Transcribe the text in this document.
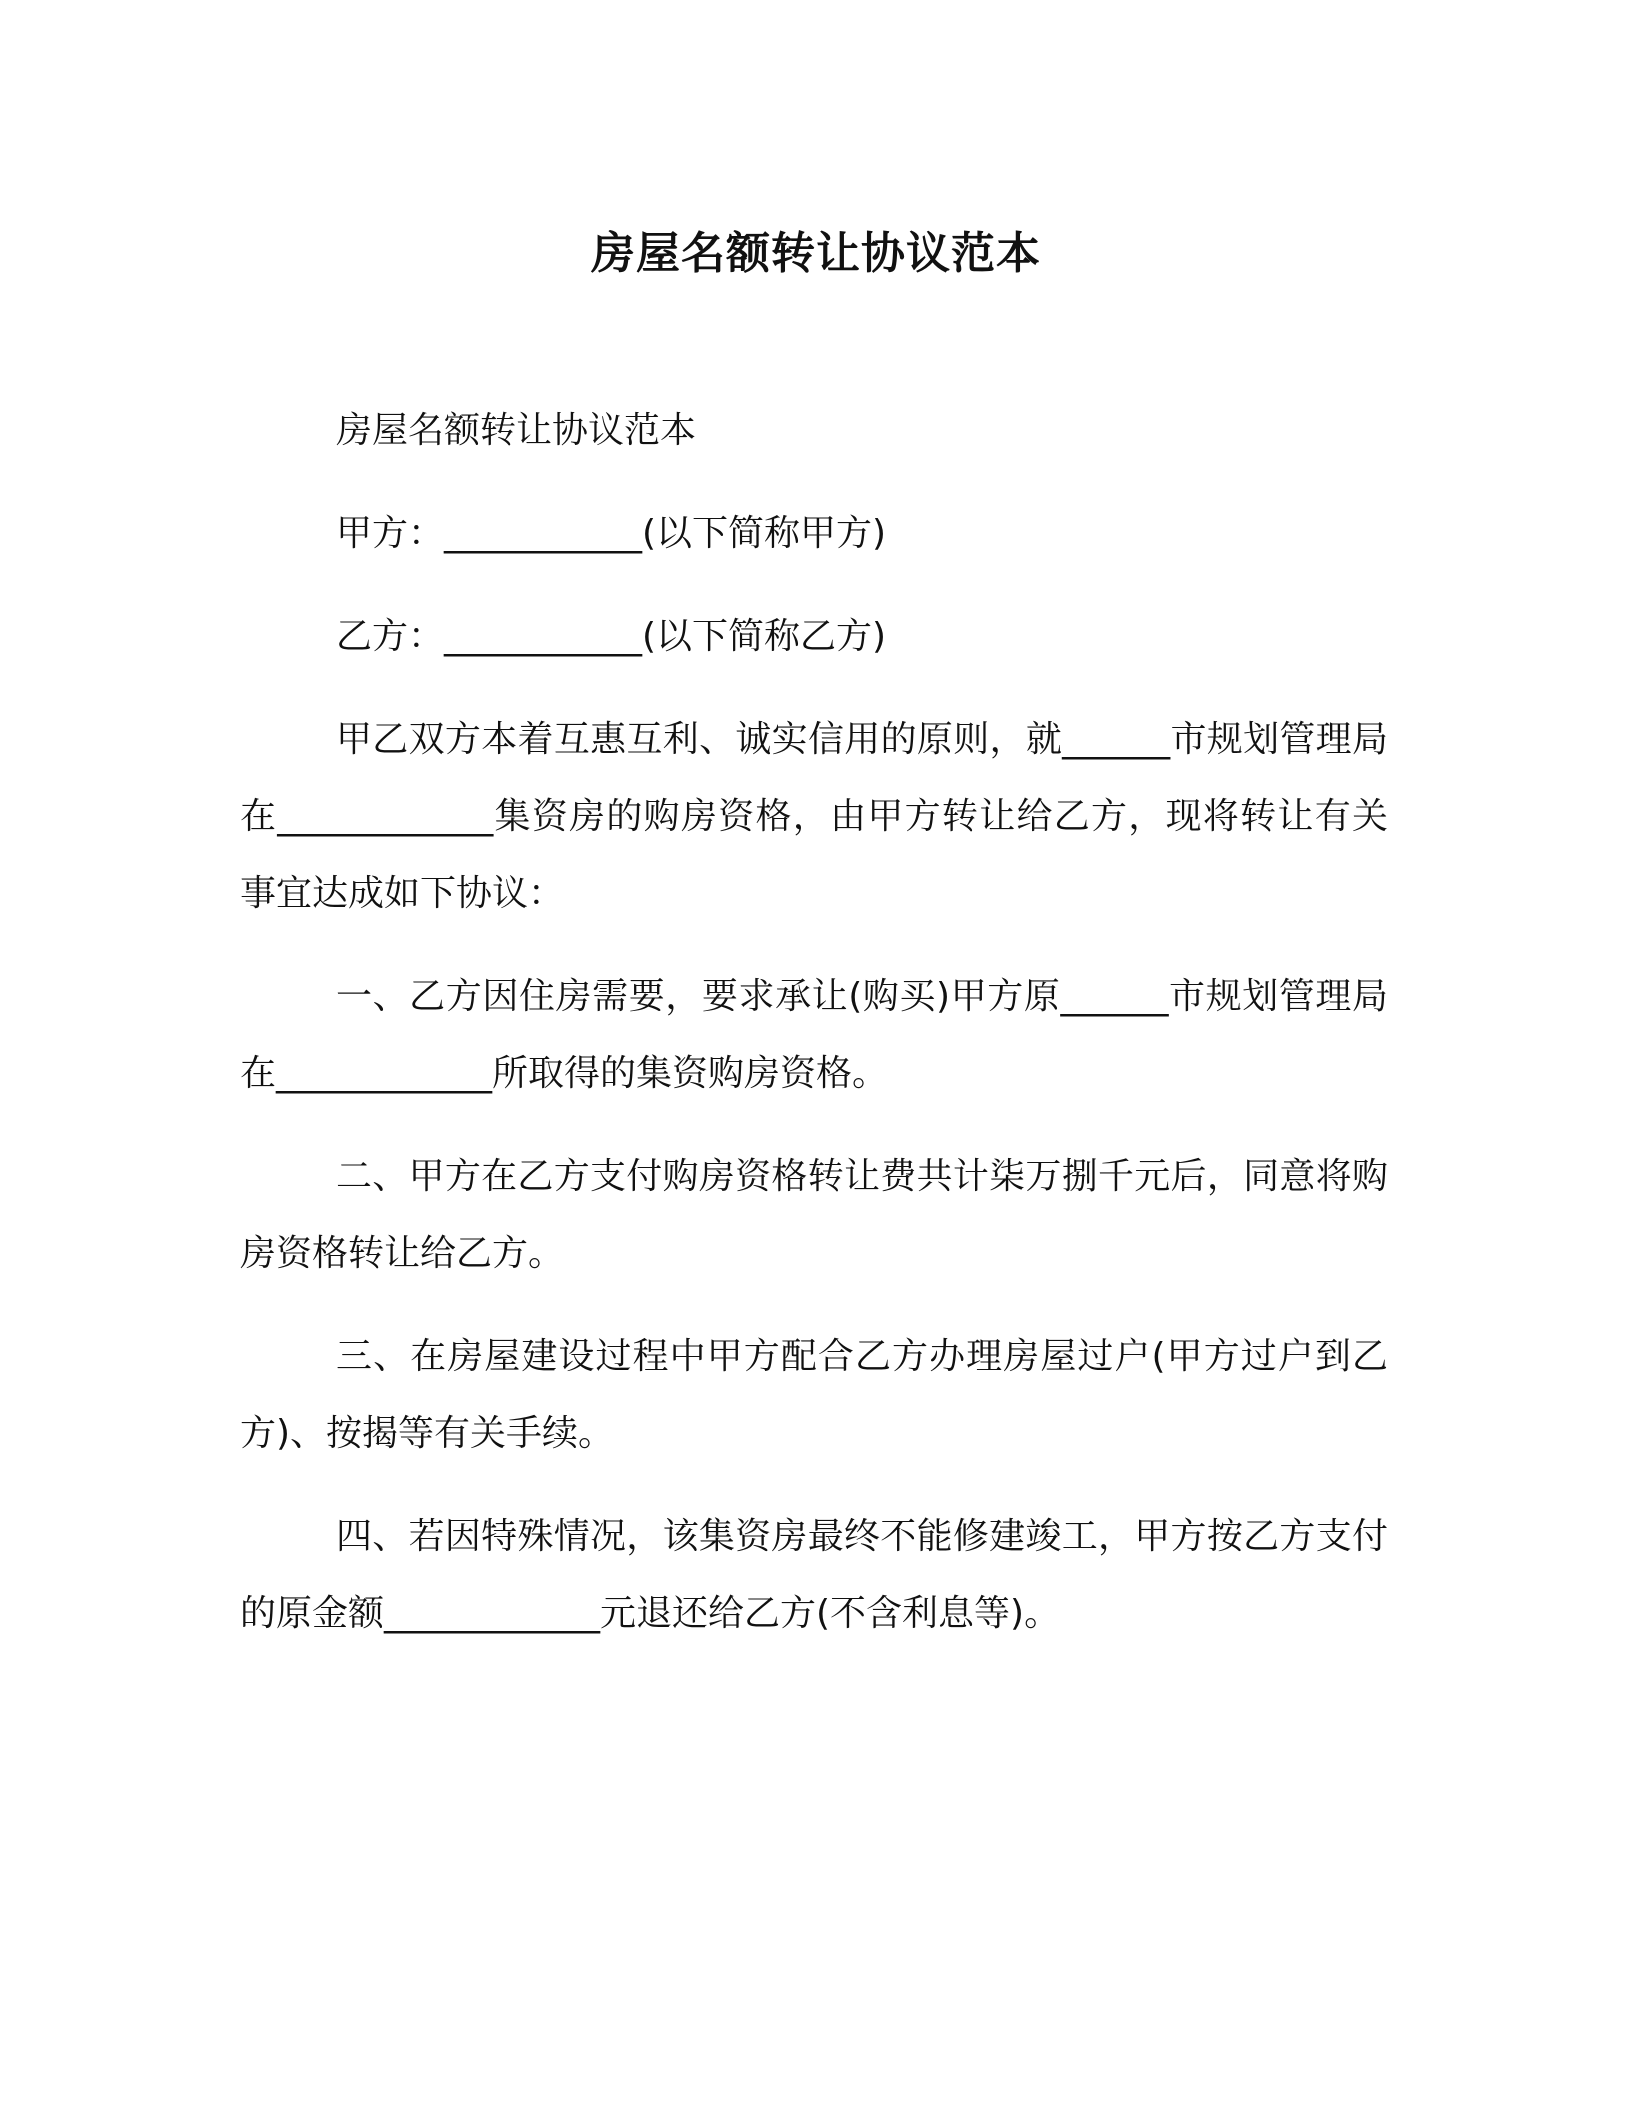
房屋名额转让协议范本

房屋名额转让协议范本

甲方：___________(以下简称甲方)

乙方：___________(以下简称乙方)

甲乙双方本着互惠互利、诚实信用的原则，就______市规划管理局在____________集资房的购房资格，由甲方转让给乙方，现将转让有关事宜达成如下协议：

一、乙方因住房需要，要求承让(购买)甲方原______市规划管理局在____________所取得的集资购房资格。

二、甲方在乙方支付购房资格转让费共计柒万捌千元后，同意将购房资格转让给乙方。

三、在房屋建设过程中甲方配合乙方办理房屋过户(甲方过户到乙方)、按揭等有关手续。

四、若因特殊情况，该集资房最终不能修建竣工，甲方按乙方支付的原金额____________元退还给乙方(不含利息等)。
